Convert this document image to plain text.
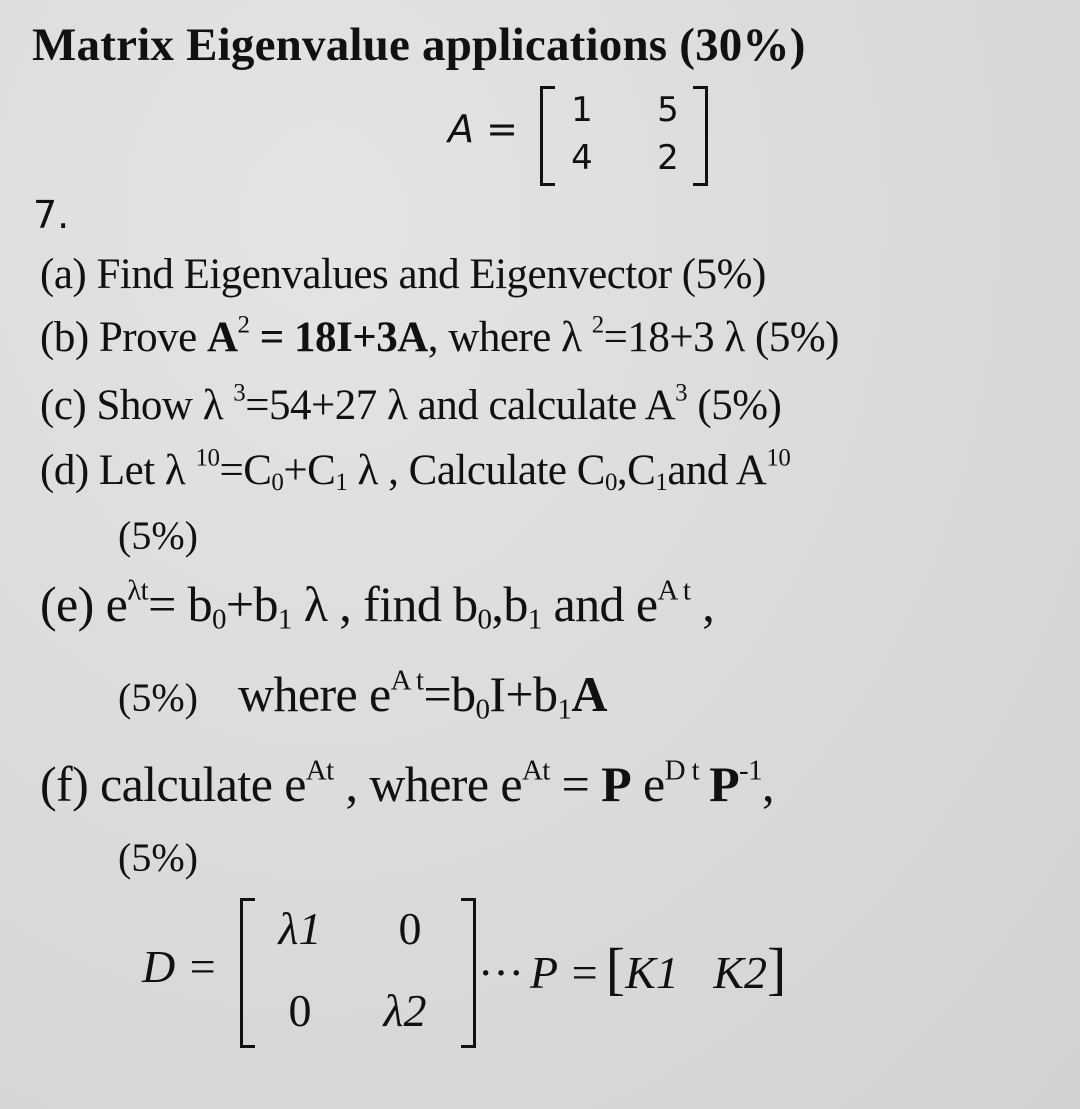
Matrix Eigenvalue applications (30%)
A = 1 5
4 2
7.
(a) Find Eigenvalues and Eigenvector (5%)
(b) Prove $A^2 = 18I+3A$, where λ $^2$=18+3 λ (5%)
(c) Show λ $^3$=54+27 λ and calculate $A^3$ (5%)
(d) Let λ $^{10}=C_0+C_1$ λ , Calculate $C_0,C_1and$ $A^{10}$
(5%)
(e) $e^{\lambda t}= b_0+b_1$ λ , find $b_0,b_1$ and $e^{A t}$ ,
(5%) where $e^{A t}=b_0I+b_1A$
(f) calculate $e^{At}$ , where $e^{At} = P$ $e^{D t}$ $P^{-1}$,
(5%)
D =
λ1	0
0	λ2
··· P = [K1   K2]
